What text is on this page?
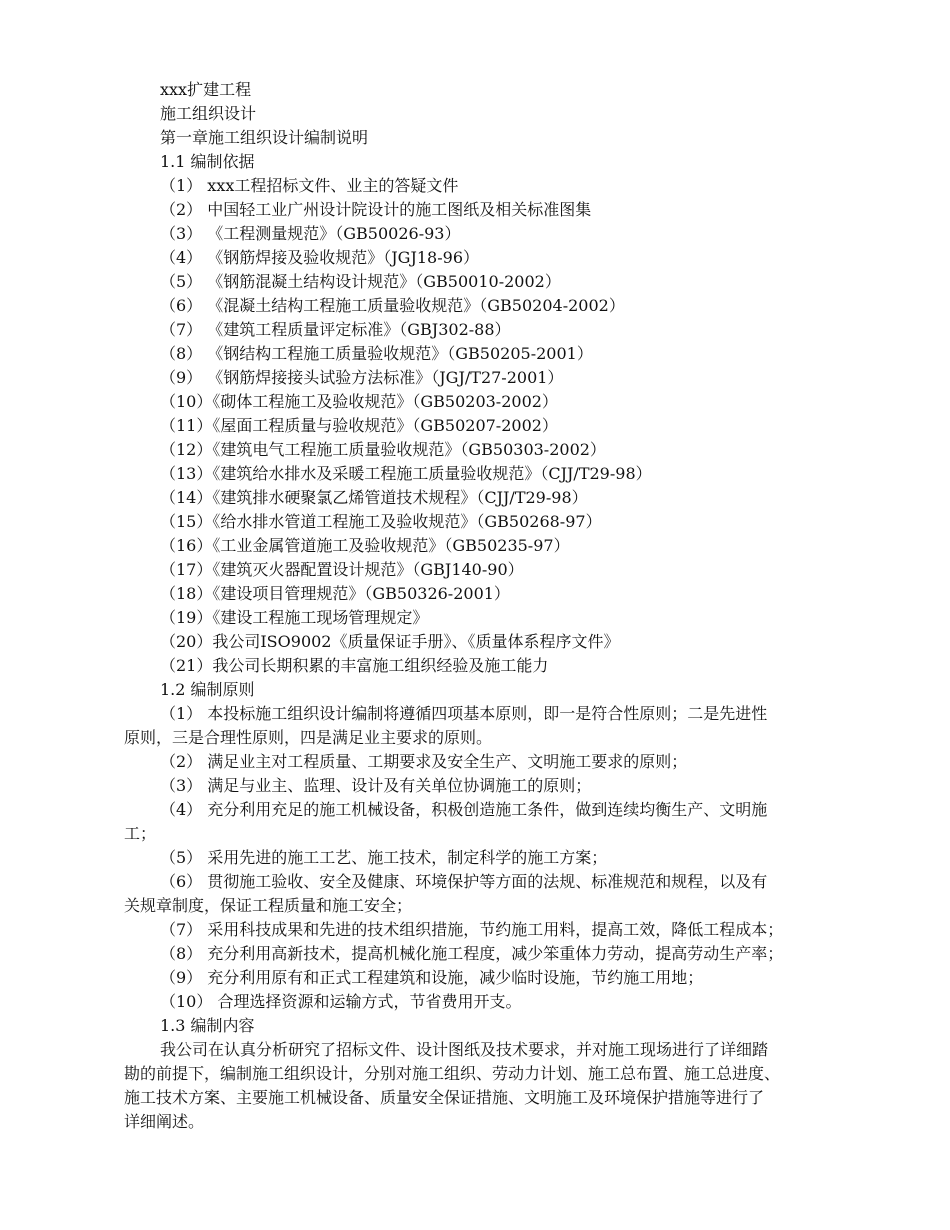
xxx扩建工程
施工组织设计
第一章施工组织设计编制说明
1.1 编制依据
（1） xxx工程招标文件、业主的答疑文件
（2） 中国轻工业广州设计院设计的施工图纸及相关标准图集
（3） 《工程测量规范》（GB50026-93）
（4） 《钢筋焊接及验收规范》（JGJ18-96）
（5） 《钢筋混凝土结构设计规范》（GB50010-2002）
（6） 《混凝土结构工程施工质量验收规范》（GB50204-2002）
（7） 《建筑工程质量评定标准》（GBJ302-88）
（8） 《钢结构工程施工质量验收规范》（GB50205-2001）
（9） 《钢筋焊接接头试验方法标准》（JGJ/T27-2001）
（10）《砌体工程施工及验收规范》（GB50203-2002）
（11）《屋面工程质量与验收规范》（GB50207-2002）
（12）《建筑电气工程施工质量验收规范》（GB50303-2002）
（13）《建筑给水排水及采暖工程施工质量验收规范》（CJJ/T29-98）
（14）《建筑排水硬聚氯乙烯管道技术规程》（CJJ/T29-98）
（15）《给水排水管道工程施工及验收规范》（GB50268-97）
（16）《工业金属管道施工及验收规范》（GB50235-97）
（17）《建筑灭火器配置设计规范》（GBJ140-90）
（18）《建设项目管理规范》（GB50326-2001）
（19）《建设工程施工现场管理规定》
（20）我公司ISO9002《质量保证手册》、《质量体系程序文件》
（21）我公司长期积累的丰富施工组织经验及施工能力
1.2 编制原则
（1） 本投标施工组织设计编制将遵循四项基本原则，即一是符合性原则；二是先进性
原则，三是合理性原则，四是满足业主要求的原则。
（2） 满足业主对工程质量、工期要求及安全生产、文明施工要求的原则；
（3） 满足与业主、监理、设计及有关单位协调施工的原则；
（4） 充分利用充足的施工机械设备，积极创造施工条件，做到连续均衡生产、文明施
工；
（5） 采用先进的施工工艺、施工技术，制定科学的施工方案；
（6） 贯彻施工验收、安全及健康、环境保护等方面的法规、标准规范和规程，以及有
关规章制度，保证工程质量和施工安全；
（7） 采用科技成果和先进的技术组织措施，节约施工用料，提高工效，降低工程成本；
（8） 充分利用高新技术，提高机械化施工程度，减少笨重体力劳动，提高劳动生产率；
（9） 充分利用原有和正式工程建筑和设施，减少临时设施，节约施工用地；
（10） 合理选择资源和运输方式，节省费用开支。
1.3 编制内容
我公司在认真分析研究了招标文件、设计图纸及技术要求，并对施工现场进行了详细踏
勘的前提下，编制施工组织设计，分别对施工组织、劳动力计划、施工总布置、施工总进度、
施工技术方案、主要施工机械设备、质量安全保证措施、文明施工及环境保护措施等进行了
详细阐述。
